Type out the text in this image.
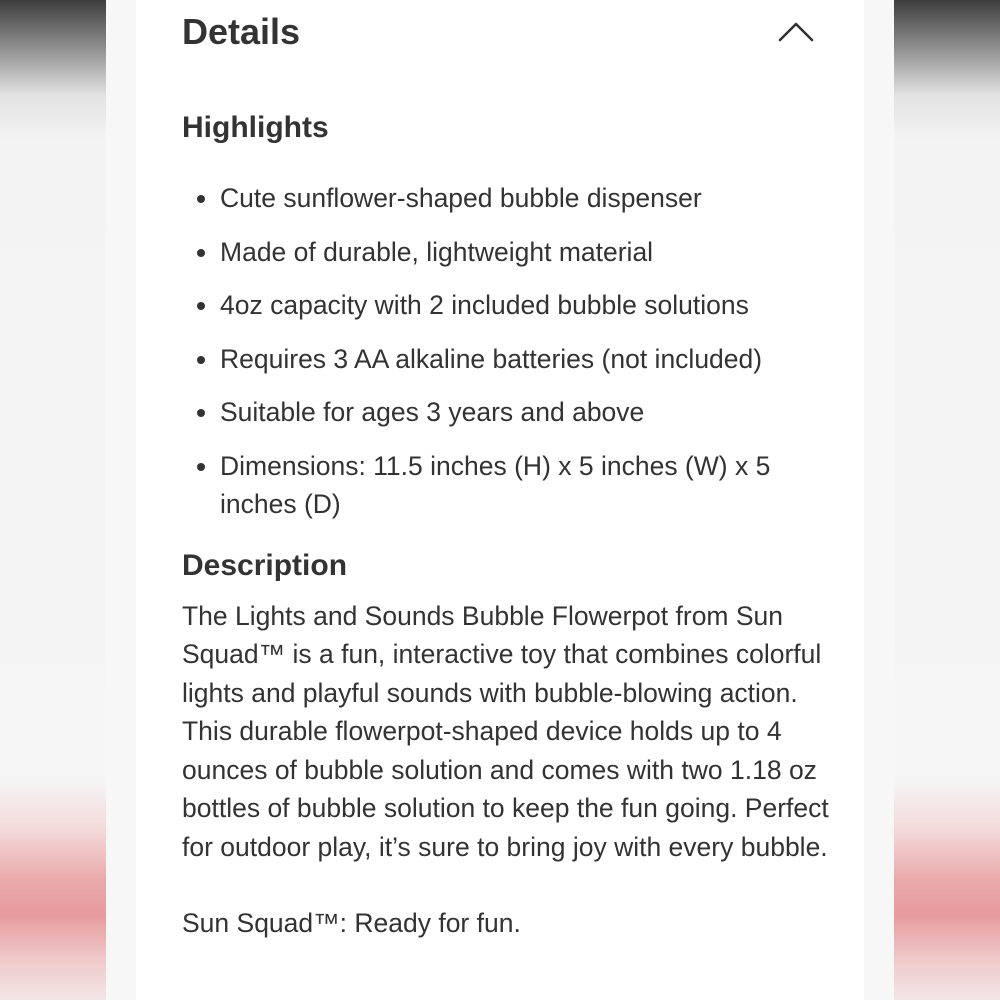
Details
Highlights
Cute sunflower-shaped bubble dispenser
Made of durable, lightweight material
4oz capacity with 2 included bubble solutions
Requires 3 AA alkaline batteries (not included)
Suitable for ages 3 years and above
Dimensions: 11.5 inches (H) x 5 inches (W) x 5 inches (D)
Description

The Lights and Sounds Bubble Flowerpot from Sun Squad™ is a fun, interactive toy that combines colorful lights and playful sounds with bubble-blowing action. This durable flowerpot-shaped device holds up to 4 ounces of bubble solution and comes with two 1.18 oz bottles of bubble solution to keep the fun going. Perfect for outdoor play, it’s sure to bring joy with every bubble.

Sun Squad™: Ready for fun.
